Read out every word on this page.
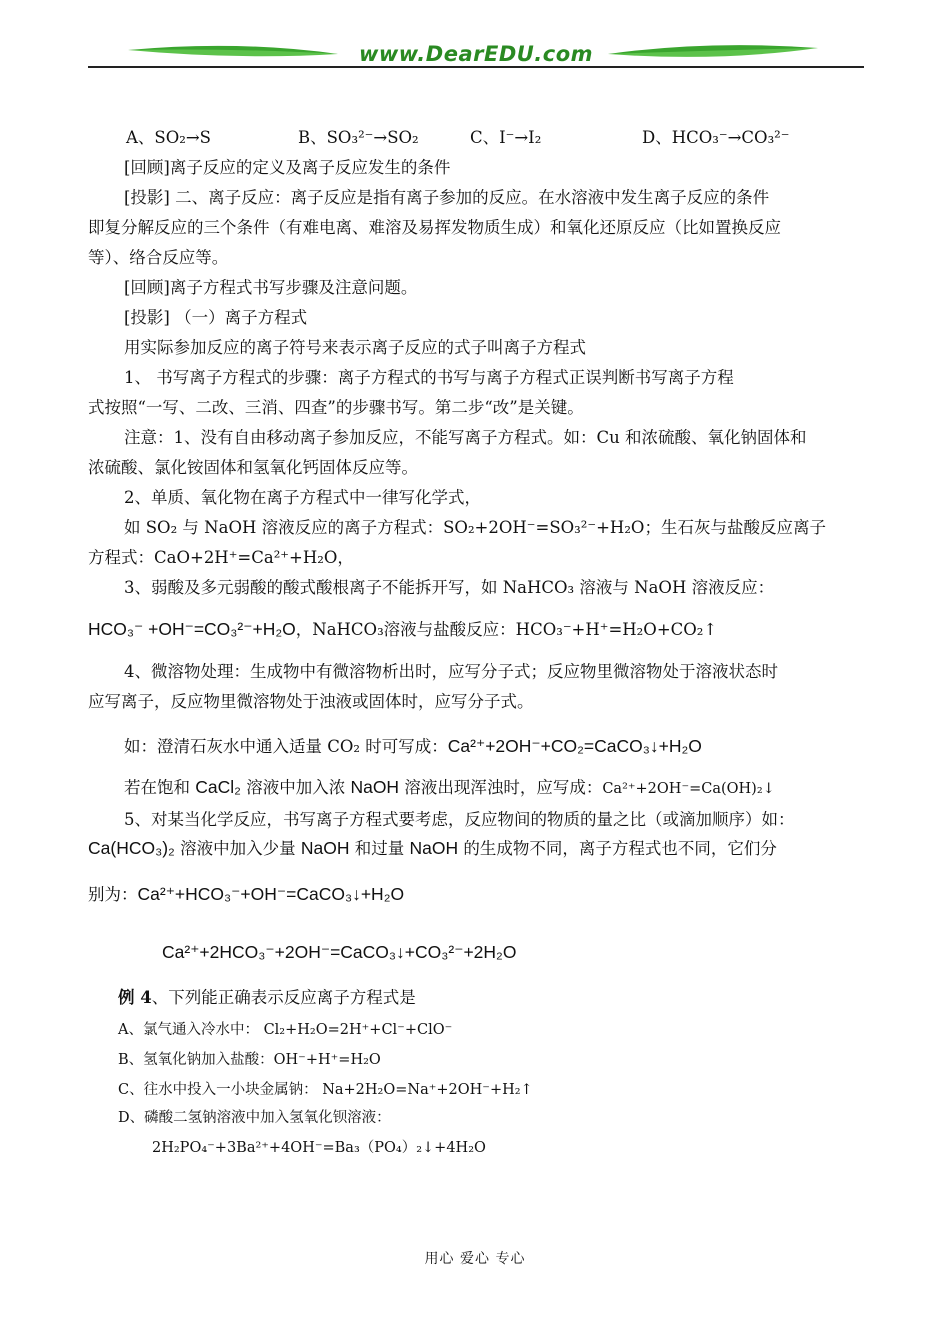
www.DearEDU.com
A、SO₂→S	B、SO₃²⁻→SO₂	C、I⁻→I₂	D、HCO₃⁻→CO₃²⁻
[回顾]离子反应的定义及离子反应发生的条件
[投影] 二、离子反应：离子反应是指有离子参加的反应。在水溶液中发生离子反应的条件
即复分解反应的三个条件（有难电离、难溶及易挥发物质生成）和氧化还原反应（比如置换反应
等）、络合反应等。
[回顾]离子方程式书写步骤及注意问题。
[投影] （一）离子方程式
用实际参加反应的离子符号来表示离子反应的式子叫离子方程式
1、 书写离子方程式的步骤：离子方程式的书写与离子方程式正误判断书写离子方程
式按照“一写、二改、三消、四查”的步骤书写。第二步“改”是关键。
注意：1、没有自由移动离子参加反应，不能写离子方程式。如：Cu 和浓硫酸、氧化钠固体和
浓硫酸、氯化铵固体和氢氧化钙固体反应等。
2、单质、氧化物在离子方程式中一律写化学式，
如 SO₂ 与 NaOH 溶液反应的离子方程式：SO₂+2OH⁻=SO₃²⁻+H₂O；生石灰与盐酸反应离子
方程式：CaO+2H⁺=Ca²⁺+H₂O，
3、弱酸及多元弱酸的酸式酸根离子不能拆开写，如 NaHCO₃ 溶液与 NaOH 溶液反应：
HCO₃⁻ +OH⁻=CO₃²⁻+H₂O，NaHCO₃溶液与盐酸反应：HCO₃⁻+H⁺=H₂O+CO₂↑
4、微溶物处理：生成物中有微溶物析出时，应写分子式；反应物里微溶物处于溶液状态时
应写离子，反应物里微溶物处于浊液或固体时，应写分子式。
如：澄清石灰水中通入适量 CO₂ 时可写成：Ca²⁺+2OH⁻+CO₂=CaCO₃↓+H₂O
若在饱和 CaCl₂ 溶液中加入浓 NaOH 溶液出现浑浊时，应写成：Ca²⁺+2OH⁻=Ca(OH)₂↓
5、对某当化学反应，书写离子方程式要考虑，反应物间的物质的量之比（或滴加顺序）如：
Ca(HCO₃)₂ 溶液中加入少量 NaOH 和过量 NaOH 的生成物不同，离子方程式也不同，它们分
别为：Ca²⁺+HCO₃⁻+OH⁻=CaCO₃↓+H₂O
Ca²⁺+2HCO₃⁻+2OH⁻=CaCO₃↓+CO₃²⁻+2H₂O
例 4、下列能正确表示反应离子方程式是
A、氯气通入冷水中： Cl₂+H₂O=2H⁺+Cl⁻+ClO⁻
B、氢氧化钠加入盐酸：OH⁻+H⁺=H₂O
C、往水中投入一小块金属钠： Na+2H₂O=Na⁺+2OH⁻+H₂↑
D、磷酸二氢钠溶液中加入氢氧化钡溶液：
2H₂PO₄⁻+3Ba²⁺+4OH⁻=Ba₃（PO₄）₂↓+4H₂O
用心 爱心 专心
